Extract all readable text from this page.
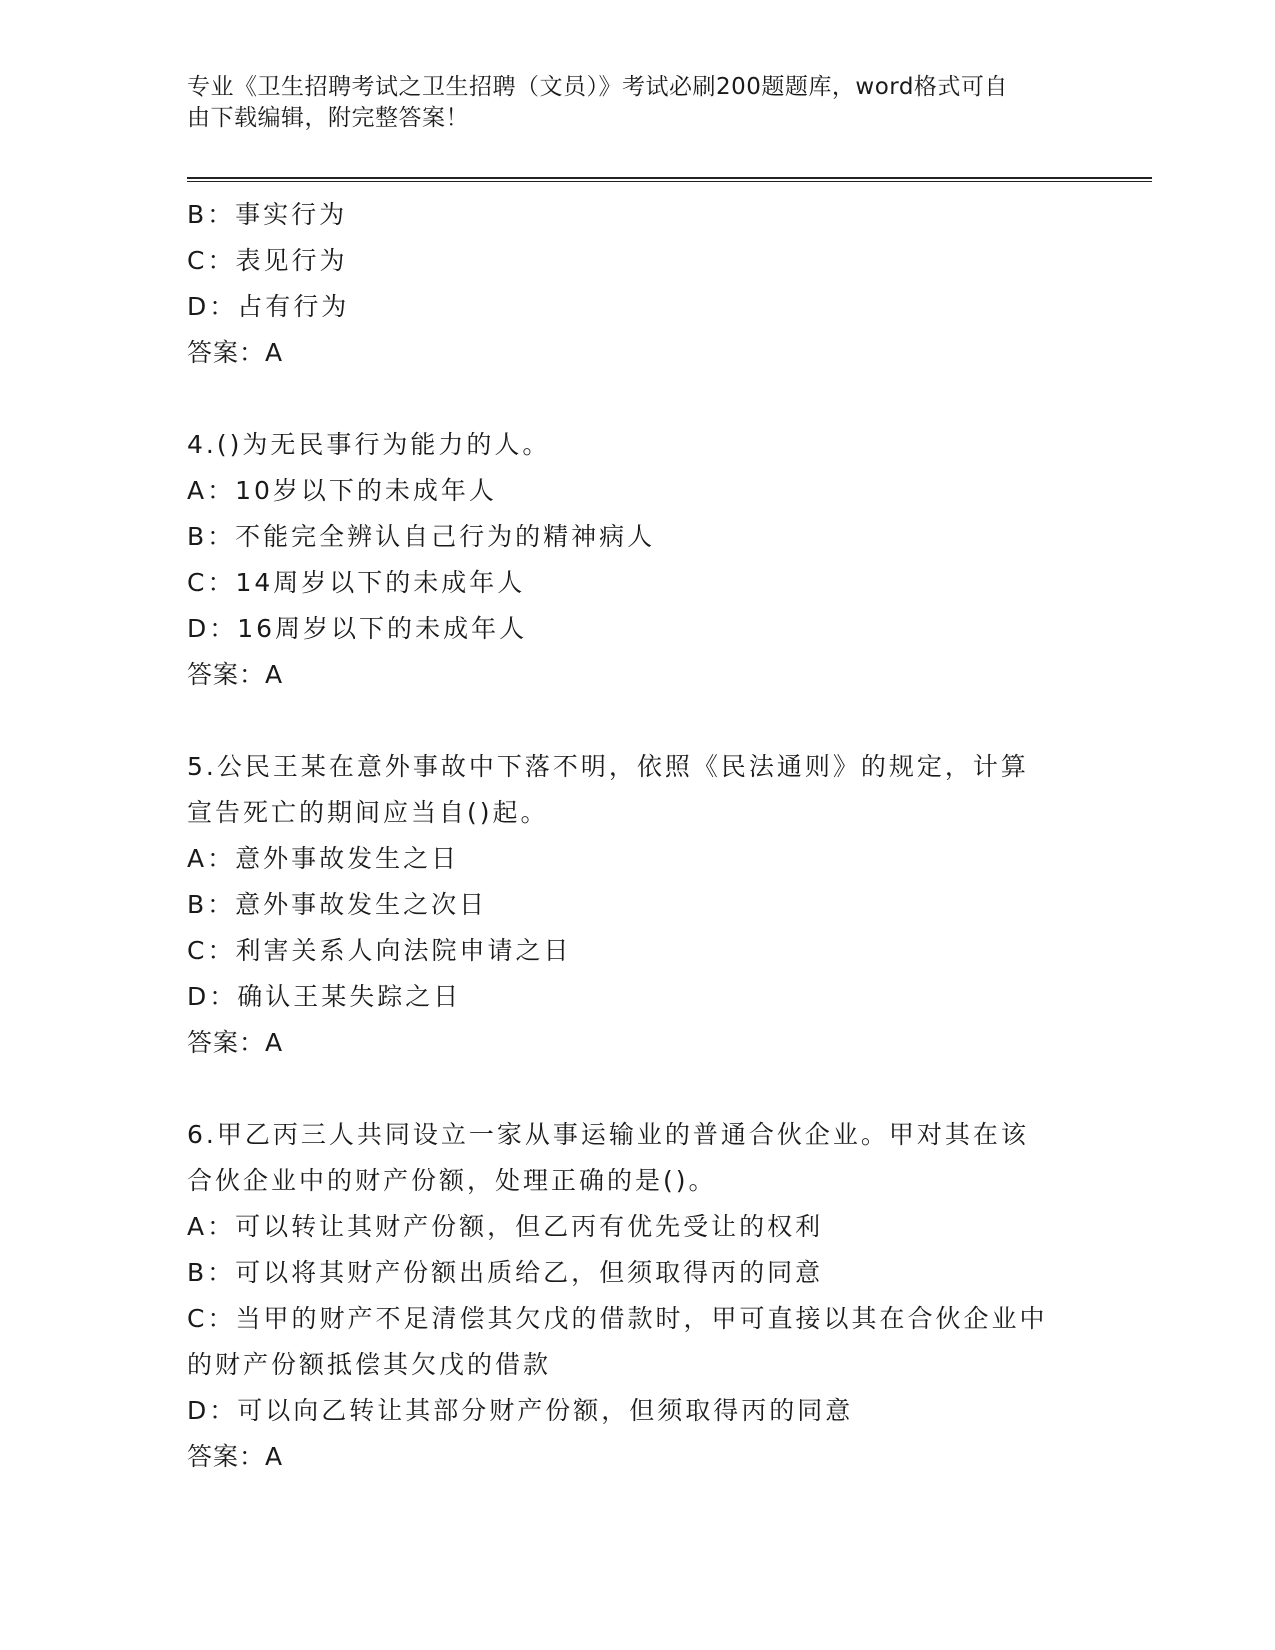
专业《卫生招聘考试之卫生招聘（文员）》考试必刷200题题库，word格式可自
由下载编辑，附完整答案！
B：事实行为
C：表见行为
D：占有行为
答案：A
4.()为无民事行为能力的人。
A：10岁以下的未成年人
B：不能完全辨认自己行为的精神病人
C：14周岁以下的未成年人
D：16周岁以下的未成年人
答案：A
5.公民王某在意外事故中下落不明，依照《民法通则》的规定，计算
宣告死亡的期间应当自()起。
A：意外事故发生之日
B：意外事故发生之次日
C：利害关系人向法院申请之日
D：确认王某失踪之日
答案：A
6.甲乙丙三人共同设立一家从事运输业的普通合伙企业。甲对其在该
合伙企业中的财产份额，处理正确的是()。
A：可以转让其财产份额，但乙丙有优先受让的权利
B：可以将其财产份额出质给乙，但须取得丙的同意
C：当甲的财产不足清偿其欠戊的借款时，甲可直接以其在合伙企业中
的财产份额抵偿其欠戊的借款
D：可以向乙转让其部分财产份额，但须取得丙的同意
答案：A
